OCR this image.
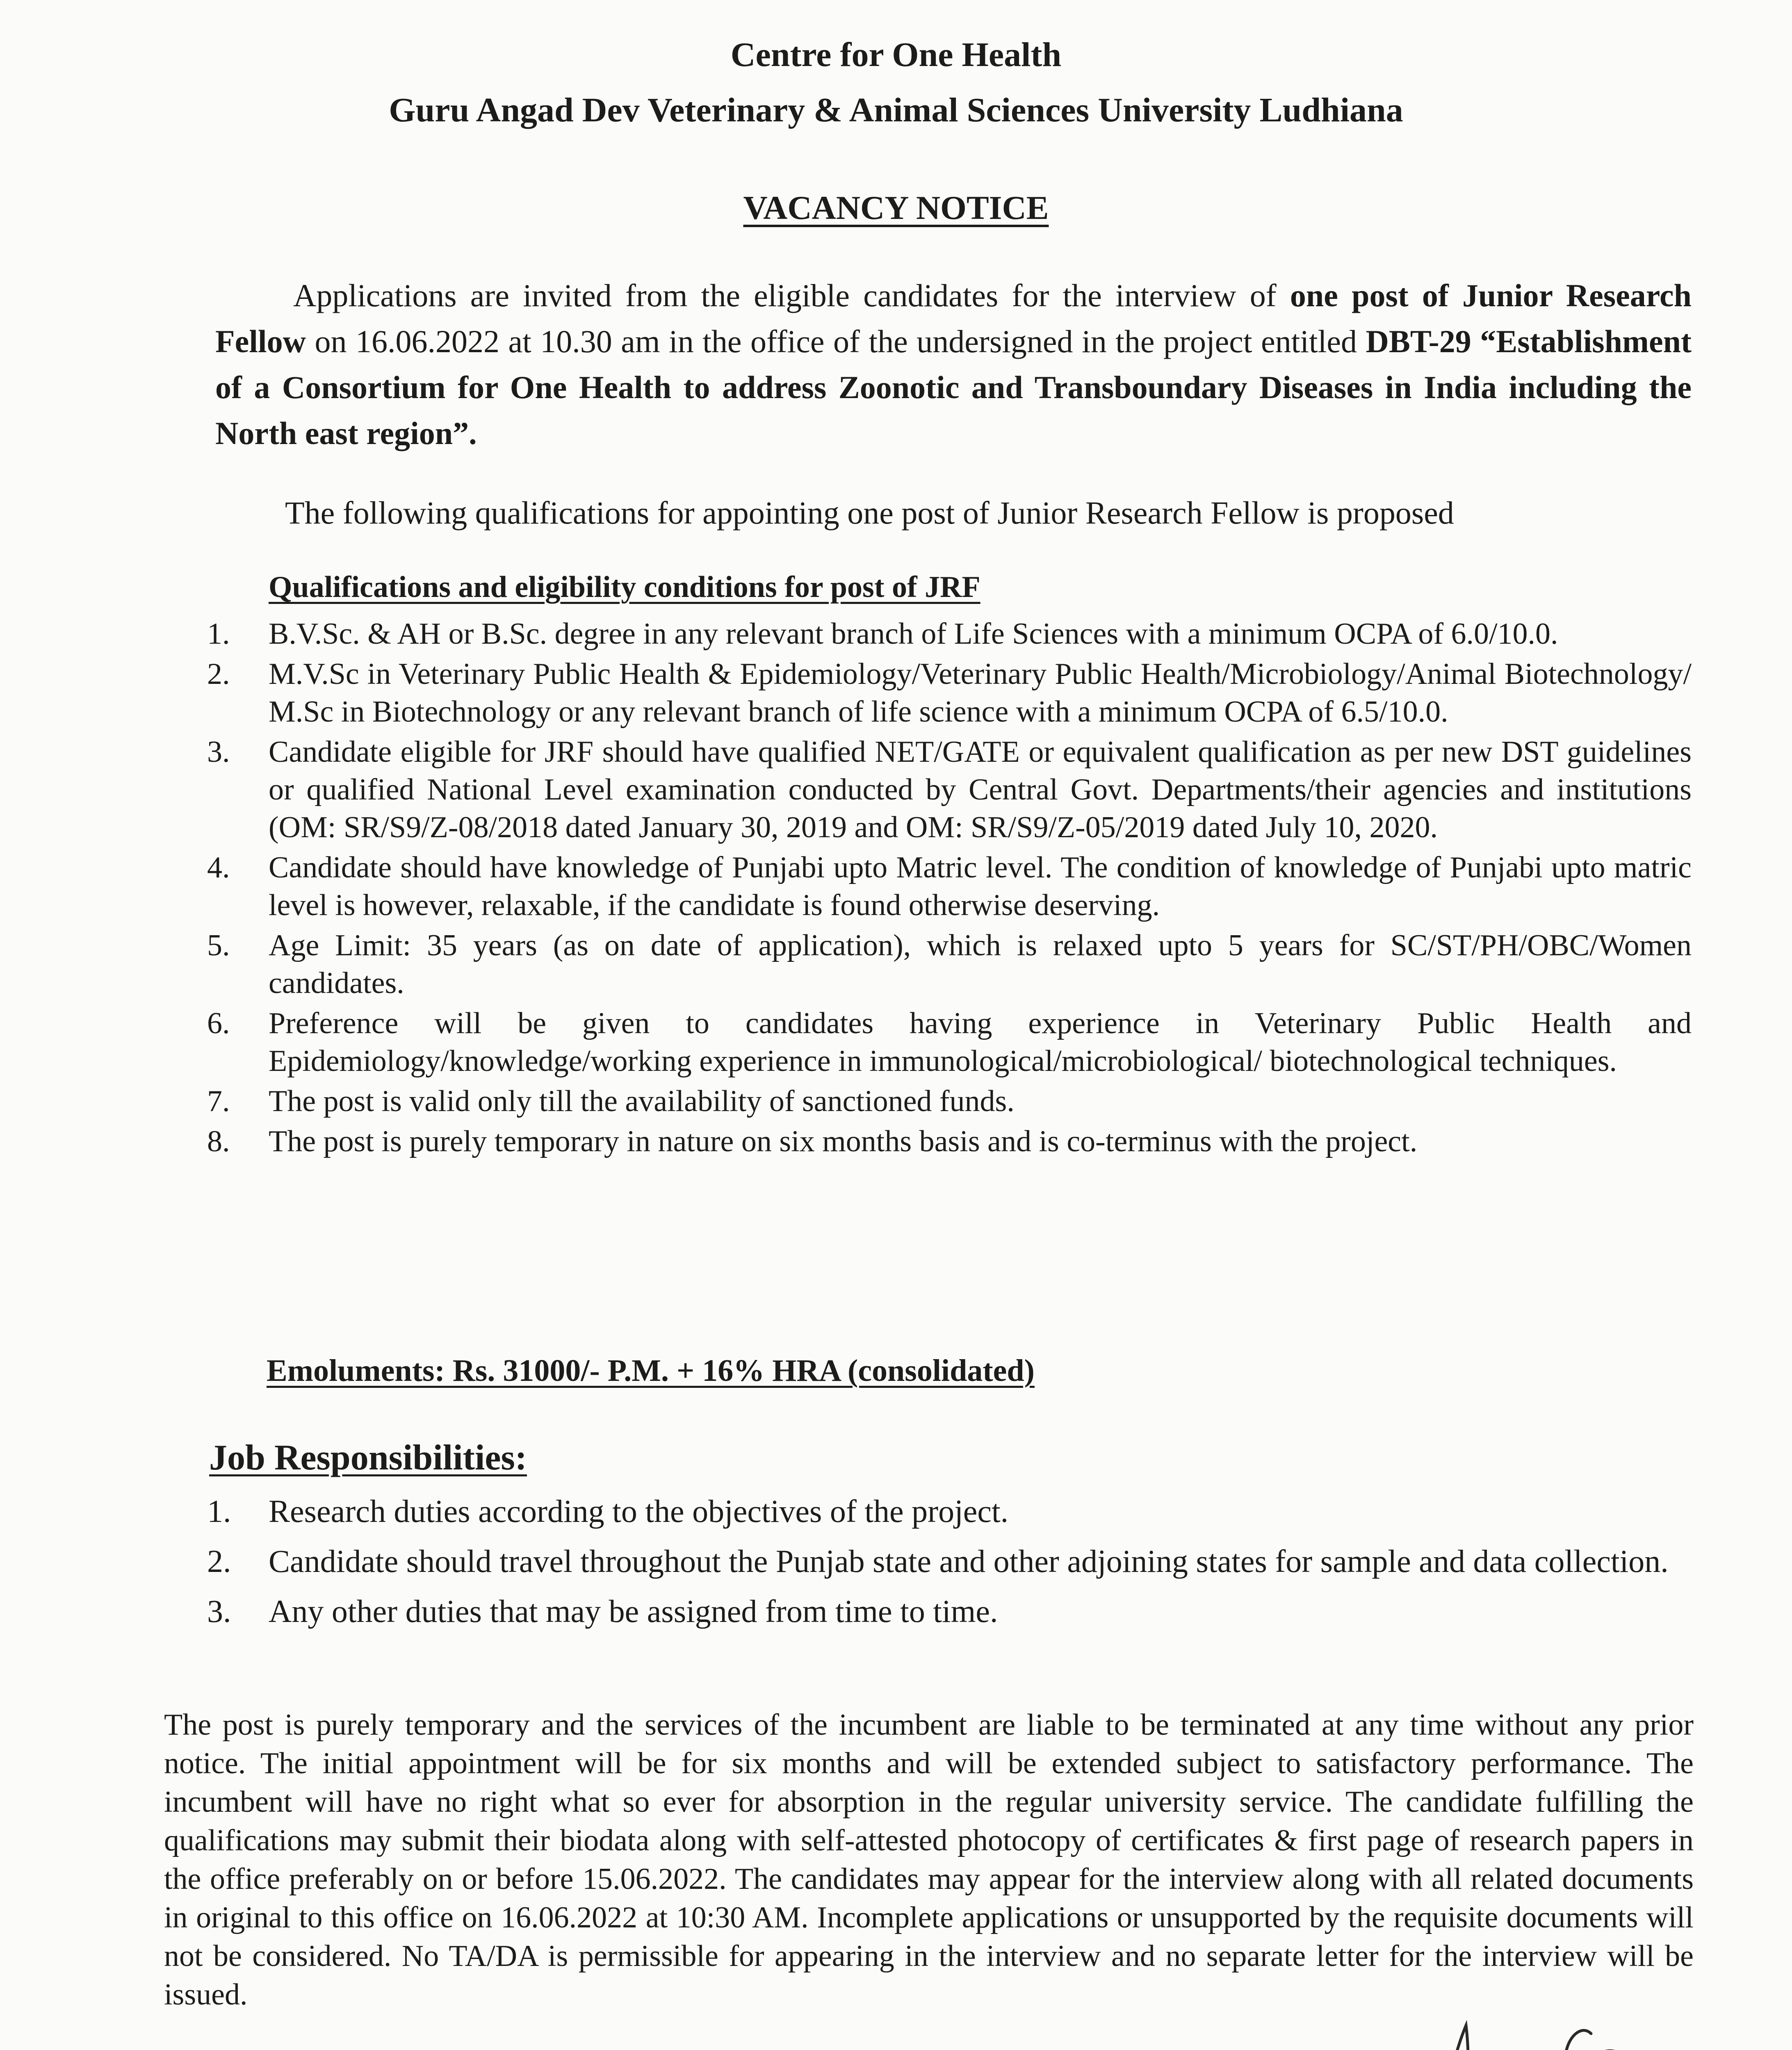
Centre for One Health
Guru Angad Dev Veterinary & Animal Sciences University Ludhiana
VACANCY NOTICE
Applications are invited from the eligible candidates for the interview of one post of Junior Research Fellow on 16.06.2022 at 10.30 am in the office of the undersigned in the project entitled DBT-29 “Establishment of a Consortium for One Health to address Zoonotic and Transboundary Diseases in India including the North east region”.
The following qualifications for appointing one post of Junior Research Fellow is proposed
Qualifications and eligibility conditions for post of JRF
1. B.V.Sc. & AH or B.Sc. degree in any relevant branch of Life Sciences with a minimum OCPA of 6.0/10.0.
2. M.V.Sc in Veterinary Public Health & Epidemiology/Veterinary Public Health/Microbiology/Animal Biotechnology/ M.Sc in Biotechnology or any relevant branch of life science with a minimum OCPA of 6.5/10.0.
3. Candidate eligible for JRF should have qualified NET/GATE or equivalent qualification as per new DST guidelines or qualified National Level examination conducted by Central Govt. Departments/their agencies and institutions (OM: SR/S9/Z-08/2018 dated January 30, 2019 and OM: SR/S9/Z-05/2019 dated July 10, 2020.
4. Candidate should have knowledge of Punjabi upto Matric level. The condition of knowledge of Punjabi upto matric level is however, relaxable, if the candidate is found otherwise deserving.
5. Age Limit: 35 years (as on date of application), which is relaxed upto 5 years for SC/ST/PH/OBC/Women candidates.
6. Preference will be given to candidates having experience in Veterinary Public Health and Epidemiology/knowledge/working experience in immunological/microbiological/ biotechnological techniques.
7. The post is valid only till the availability of sanctioned funds.
8. The post is purely temporary in nature on six months basis and is co-terminus with the project.
Emoluments: Rs. 31000/- P.M. + 16% HRA (consolidated)
Job Responsibilities:
1. Research duties according to the objectives of the project.
2. Candidate should travel throughout the Punjab state and other adjoining states for sample and data collection.
3. Any other duties that may be assigned from time to time.
The post is purely temporary and the services of the incumbent are liable to be terminated at any time without any prior notice. The initial appointment will be for six months and will be extended subject to satisfactory performance. The incumbent will have no right what so ever for absorption in the regular university service. The candidate fulfilling the qualifications may submit their biodata along with self-attested photocopy of certificates & first page of research papers in the office preferably on or before 15.06.2022. The candidates may appear for the interview along with all related documents in original to this office on 16.06.2022 at 10:30 AM. Incomplete applications or unsupported by the requisite documents will not be considered. No TA/DA is permissible for appearing in the interview and no separate letter for the interview will be issued.
